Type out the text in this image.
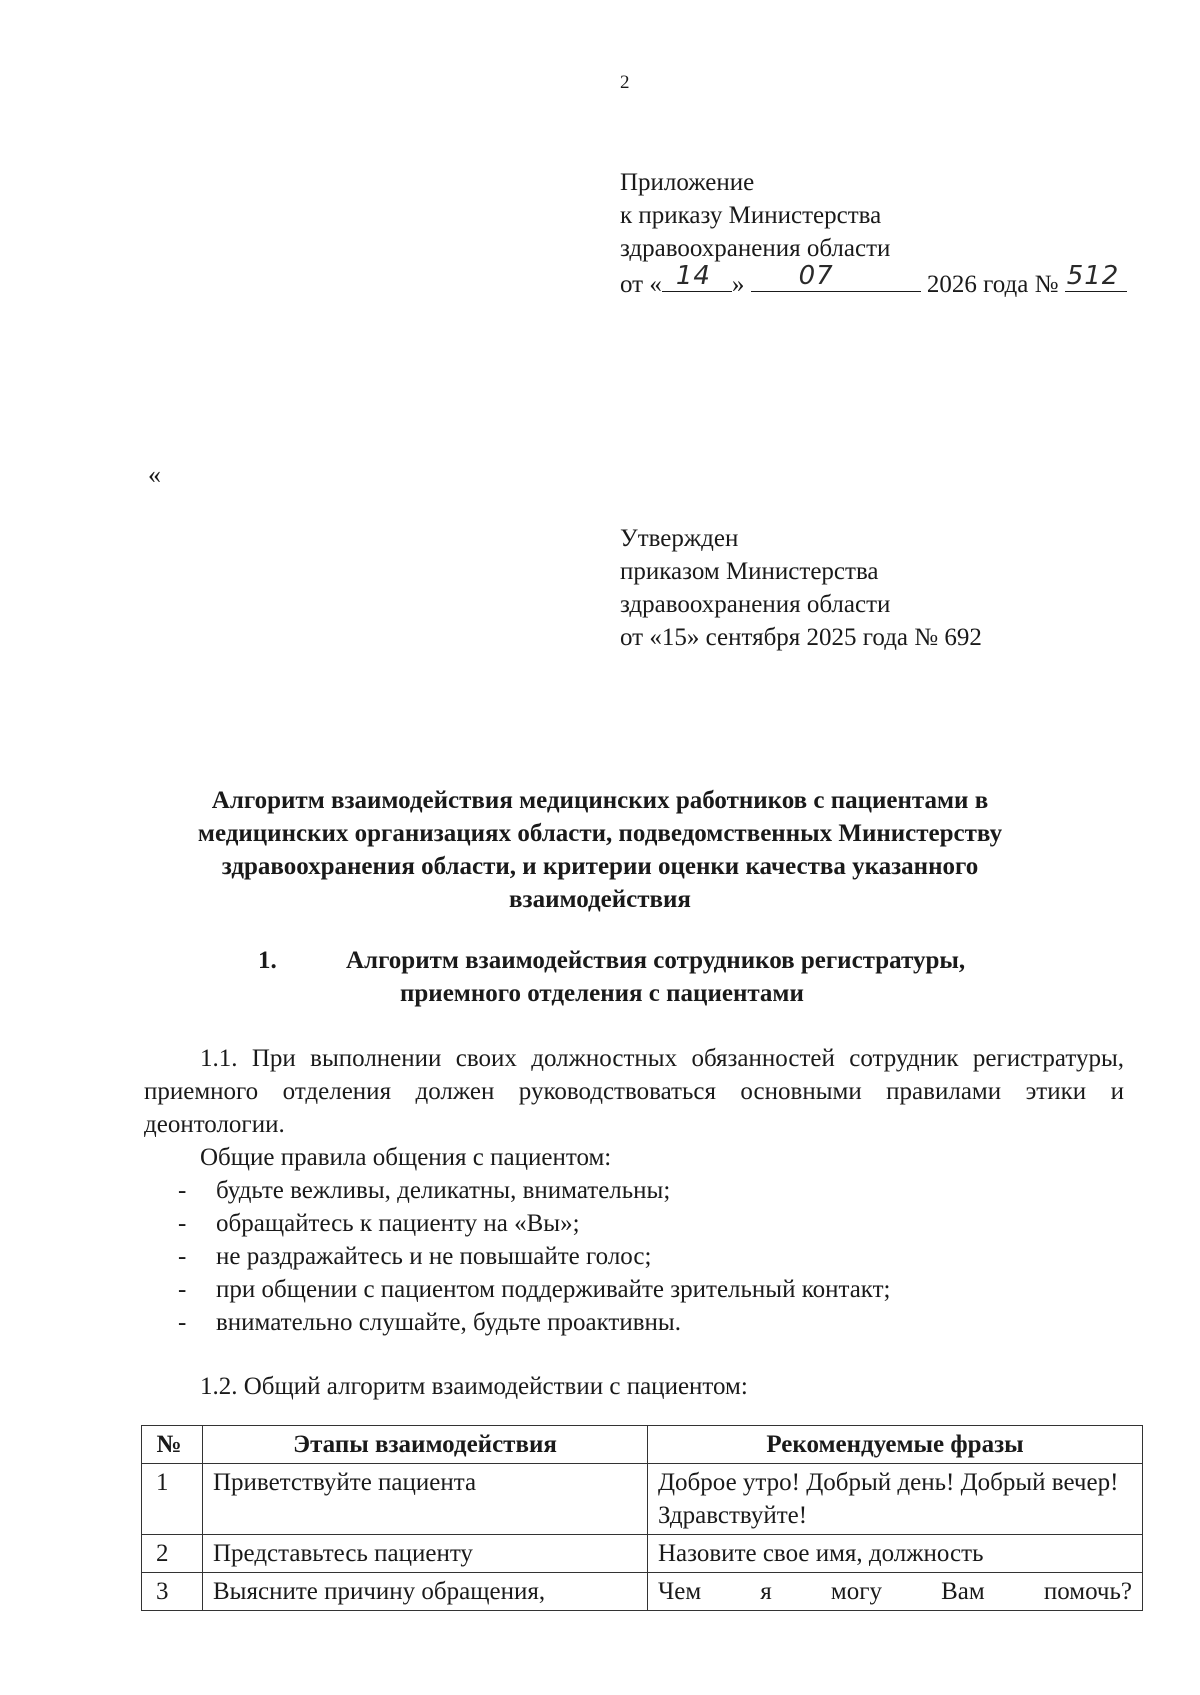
2
Приложение
к приказу Министерства
здравоохранения области
от « 14 » 07	2026 года № 512
«
Утвержден
приказом Министерства
здравоохранения области
от «15» сентября 2025 года № 692
Алгоритм взаимодействия медицинских работников с пациентами в медицинских организациях области, подведомственных Министерству здравоохранения области, и критерии оценки качества указанного взаимодействия
1.	Алгоритм взаимодействия сотрудников регистратуры,
приемного отделения с пациентами
1.1. При выполнении своих должностных обязанностей сотрудник регистратуры, приемного отделения должен руководствоваться основными правилами этики и деонтологии.
Общие правила общения с пациентом:
- будьте вежливы, деликатны, внимательны;
- обращайтесь к пациенту на «Вы»;
- не раздражайтесь и не повышайте голос;
- при общении с пациентом поддерживайте зрительный контакт;
- внимательно слушайте, будьте проактивны.
1.2. Общий алгоритм взаимодействии с пациентом:
№	Этапы взаимодействия	Рекомендуемые фразы
1	Приветствуйте пациента	Доброе утро! Добрый день! Добрый вечер! Здравствуйте!
2	Представьтесь пациенту	Назовите свое имя, должность
3	Выясните причину обращения,	Чем я могу Вам помочь?
